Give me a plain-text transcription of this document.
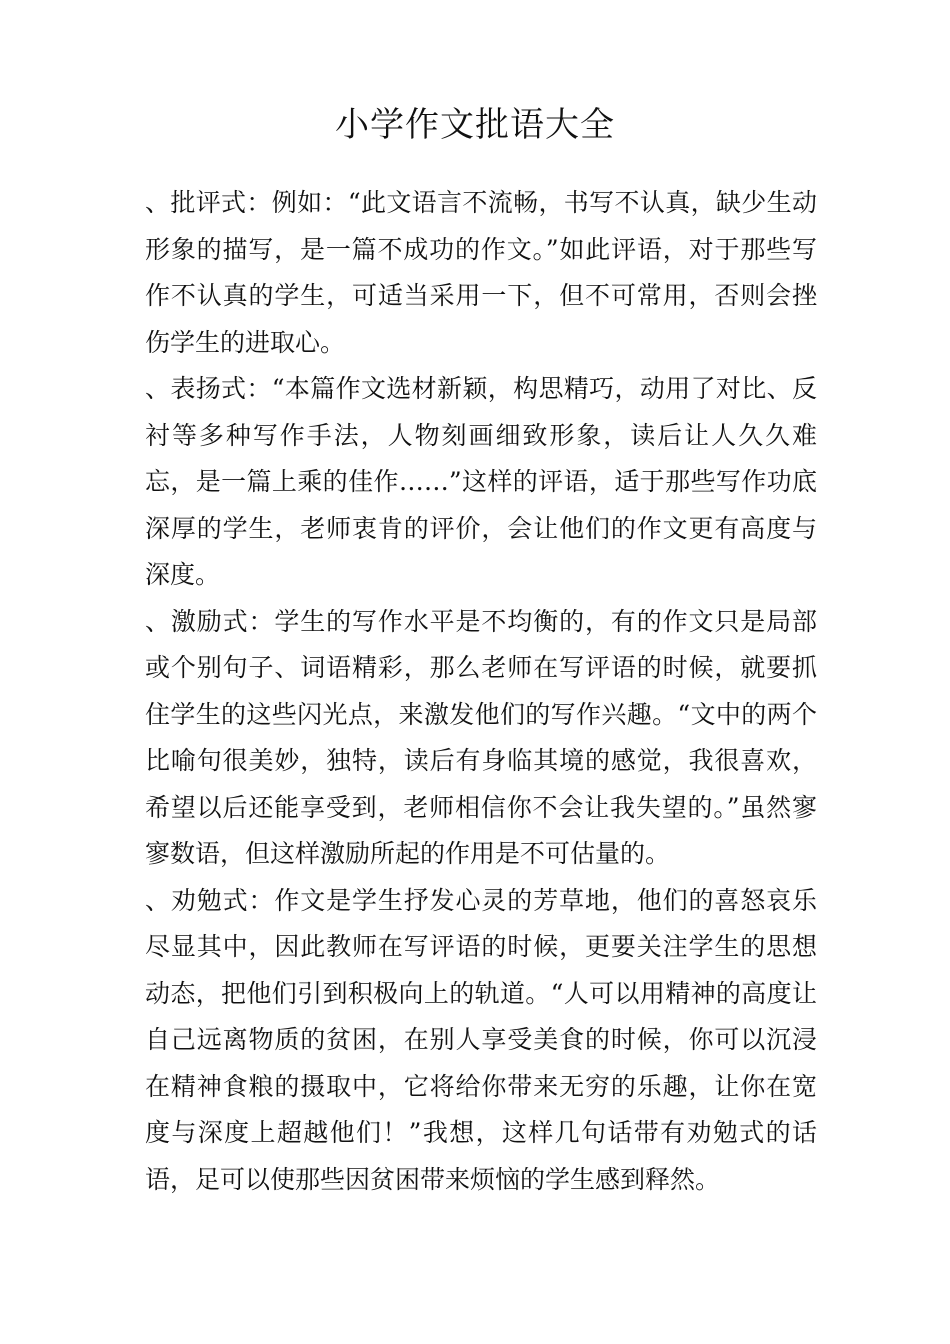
小学作文批语大全

、批评式：例如：“此文语言不流畅，书写不认真，缺少生动形象的描写，是一篇不成功的作文。”如此评语，对于那些写作不认真的学生，可适当采用一下，但不可常用，否则会挫伤学生的进取心。

、表扬式：“本篇作文选材新颖，构思精巧，动用了对比、反衬等多种写作手法，人物刻画细致形象，读后让人久久难忘，是一篇上乘的佳作……”这样的评语，适于那些写作功底深厚的学生，老师衷肯的评价，会让他们的作文更有高度与深度。

、激励式：学生的写作水平是不均衡的，有的作文只是局部或个别句子、词语精彩，那么老师在写评语的时候，就要抓住学生的这些闪光点，来激发他们的写作兴趣。“文中的两个比喻句很美妙，独特，读后有身临其境的感觉，我很喜欢，希望以后还能享受到，老师相信你不会让我失望的。”虽然寥寥数语，但这样激励所起的作用是不可估量的。

、劝勉式：作文是学生抒发心灵的芳草地，他们的喜怒哀乐尽显其中，因此教师在写评语的时候，更要关注学生的思想动态，把他们引到积极向上的轨道。“人可以用精神的高度让自己远离物质的贫困，在别人享受美食的时候，你可以沉浸在精神食粮的摄取中，它将给你带来无穷的乐趣，让你在宽度与深度上超越他们！”我想，这样几句话带有劝勉式的话语，足可以使那些因贫困带来烦恼的学生感到释然。
